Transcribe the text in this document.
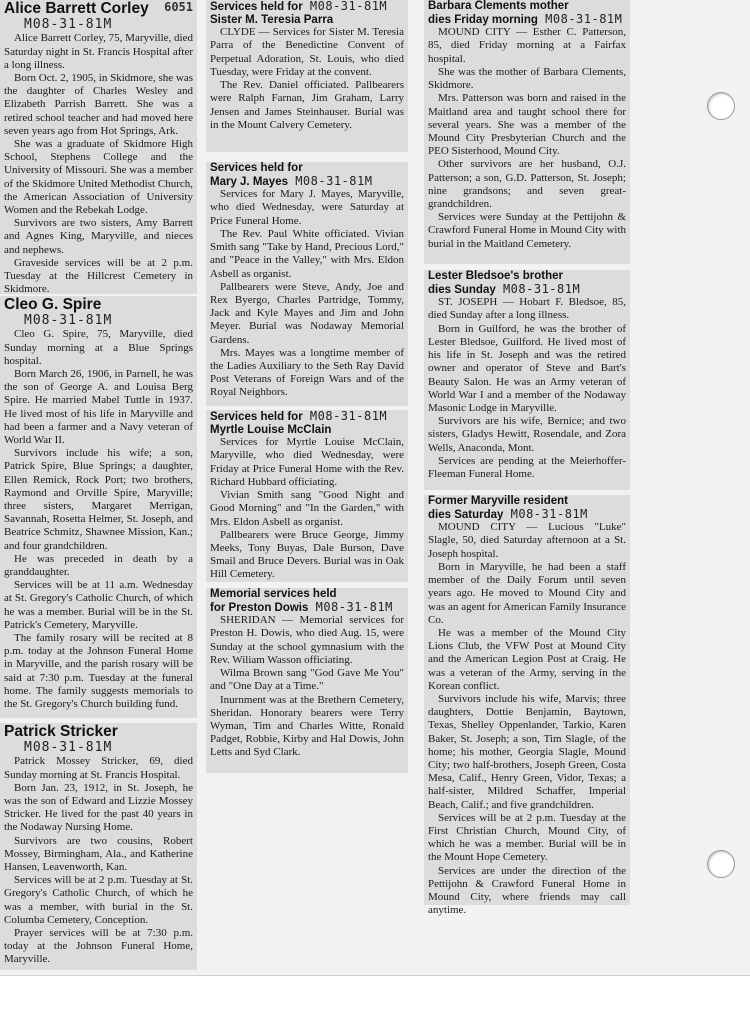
Alice Barrett Corley 6051
M08-31-81M

Alice Barrett Corley, 75, Maryville, died Saturday night in St. Francis Hospital after a long illness.

Born Oct. 2, 1905, in Skidmore, she was the daughter of Charles Wesley and Elizabeth Parrish Barrett. She was a retired school teacher and had moved here seven years ago from Hot Springs, Ark.

She was a graduate of Skidmore High School, Stephens College and the University of Missouri. She was a member of the Skidmore United Methodist Church, the American Association of University Women and the Rebekah Lodge.

Survivors are two sisters, Amy Barrett and Agnes King, Maryville, and nieces and nephews.

Graveside services will be at 2 p.m. Tuesday at the Hillcrest Cemetery in Skidmore.

Cleo G. Spire
M08-31-81M

Cleo G. Spire, 75, Maryville, died Sunday morning at a Blue Springs hospital.

Born March 26, 1906, in Parnell, he was the son of George A. and Louisa Berg Spire. He married Mabel Tuttle in 1937. He lived most of his life in Maryville and had been a farmer and a Navy veteran of World War II.

Survivors include his wife; a son, Patrick Spire, Blue Springs; a daughter, Ellen Remick, Rock Port; two brothers, Raymond and Orville Spire, Maryville; three sisters, Margaret Merrigan, Savannah, Rosetta Helmer, St. Joseph, and Beatrice Schmitz, Shawnee Mission, Kan.; and four grandchildren.

He was preceded in death by a granddaughter.

Services will be at 11 a.m. Wednesday at St. Gregory's Catholic Church, of which he was a member. Burial will be in the St. Patrick's Cemetery, Maryville.

The family rosary will be recited at 8 p.m. today at the Johnson Funeral Home in Maryville, and the parish rosary will be said at 7:30 p.m. Tuesday at the funeral home. The family suggests memorials to the St. Gregory's Church building fund.

Patrick Stricker
M08-31-81M

Patrick Mossey Stricker, 69, died Sunday morning at St. Francis Hospital.

Born Jan. 23, 1912, in St. Joseph, he was the son of Edward and Lizzie Mossey Stricker. He lived for the past 40 years in the Nodaway Nursing Home.

Survivors are two cousins, Robert Mossey, Birmingham, Ala., and Katherine Hansen, Leavenworth, Kan.

Services will be at 2 p.m. Tuesday at St. Gregory's Catholic Church, of which he was a member, with burial in the St. Columba Cemetery, Conception.

Prayer services will be at 7:30 p.m. today at the Johnson Funeral Home, Maryville.

Services held for M08-31-81M
Sister M. Teresia Parra

CLYDE — Services for Sister M. Teresia Parra of the Benedictine Convent of Perpetual Adoration, St. Louis, who died Tuesday, were Friday at the convent.

The Rev. Daniel officiated. Pallbearers were Ralph Farnan, Jim Graham, Larry Jensen and James Steinhauser. Burial was in the Mount Calvery Cemetery.

Services held for
Mary J. Mayes M08-31-81M

Services for Mary J. Mayes, Maryville, who died Wednesday, were Saturday at Price Funeral Home.

The Rev. Paul White officiated. Vivian Smith sang "Take by Hand, Precious Lord," and "Peace in the Valley," with Mrs. Eldon Asbell as organist.

Pallbearers were Steve, Andy, Joe and Rex Byergo, Charles Partridge, Tommy, Jack and Kyle Mayes and Jim and John Meyer. Burial was Nodaway Memorial Gardens.

Mrs. Mayes was a longtime member of the Ladies Auxiliary to the Seth Ray David Post Veterans of Foreign Wars and of the Royal Neighbors.

Services held for M08-31-81M
Myrtle Louise McClain

Services for Myrtle Louise McClain, Maryville, who died Wednesday, were Friday at Price Funeral Home with the Rev. Richard Hubbard officiating.

Vivian Smith sang "Good Night and Good Morning" and "In the Garden," with Mrs. Eldon Asbell as organist.

Pallbearers were Bruce George, Jimmy Meeks, Tony Buyas, Dale Burson, Dave Smail and Bruce Devers. Burial was in Oak Hill Cemetery.

Memorial services held
for Preston Dowis M08-31-81M

SHERIDAN — Memorial services for Preston H. Dowis, who died Aug. 15, were Sunday at the school gymnasium with the Rev. Wiliam Wasson officiating.

Wilma Brown sang "God Gave Me You" and "One Day at a Time."

Inurnment was at the Brethern Cemetery, Sheridan. Honorary bearers were Terry Wyman, Tim and Charles Witte, Ronald Padget, Robbie, Kirby and Hal Dowis, John Letts and Syd Clark.

Barbara Clements mother
dies Friday morning M08-31-81M

MOUND CITY — Esther C. Patterson, 85, died Friday morning at a Fairfax hospital.

She was the mother of Barbara Clements, Skidmore.

Mrs. Patterson was born and raised in the Maitland area and taught school there for several years. She was a member of the Mound City Presbyterian Church and the PEO Sisterhood, Mound City.

Other survivors are her husband, O.J. Patterson; a son, G.D. Patterson, St. Joseph; nine grandsons; and seven great-grandchildren.

Services were Sunday at the Pettijohn & Crawford Funeral Home in Mound City with burial in the Maitland Cemetery.

Lester Bledsoe's brother
dies Sunday M08-31-81M

ST. JOSEPH — Hobart F. Bledsoe, 85, died Sunday after a long illness.

Born in Guilford, he was the brother of Lester Bledsoe, Guilford. He lived most of his life in St. Joseph and was the retired owner and operator of Steve and Bart's Beauty Salon. He was an Army veteran of World War I and a member of the Nodaway Masonic Lodge in Maryville.

Survivors are his wife, Bernice; and two sisters, Gladys Hewitt, Rosendale, and Zora Wells, Anaconda, Mont.

Services are pending at the Meierhoffer-Fleeman Funeral Home.

Former Maryville resident
dies Saturday M08-31-81M

MOUND CITY — Lucious "Luke" Slagle, 50, died Saturday afternoon at a St. Joseph hospital.

Born in Maryville, he had been a staff member of the Daily Forum until seven years ago. He moved to Mound City and was an agent for American Family Insurance Co.

He was a member of the Mound City Lions Club, the VFW Post at Mound City and the American Legion Post at Craig. He was a veteran of the Army, serving in the Korean conflict.

Survivors include his wife, Marvis; three daughters, Dottie Benjamin, Baytown, Texas, Shelley Oppenlander, Tarkio, Karen Baker, St. Joseph; a son, Tim Slagle, of the home; his mother, Georgia Slagle, Mound City; two half-brothers, Joseph Green, Costa Mesa, Calif., Henry Green, Vidor, Texas; a half-sister, Mildred Schaffer, Imperial Beach, Calif.; and five grandchildren.

Services will be at 2 p.m. Tuesday at the First Christian Church, Mound City, of which he was a member. Burial will be in the Mount Hope Cemetery.

Services are under the direction of the Pettijohn & Crawford Funeral Home in Mound City, where friends may call anytime.
